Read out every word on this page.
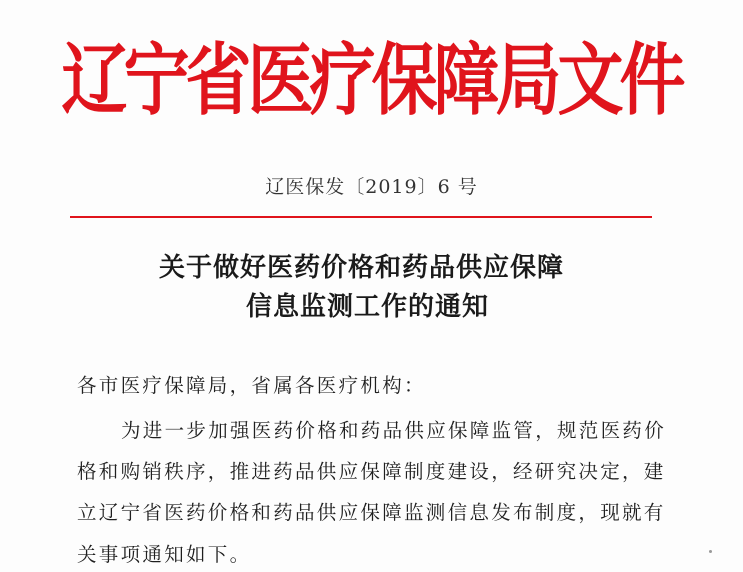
辽宁省医疗保障局文件
辽医保发〔2019〕6 号
关于做好医药价格和药品供应保障
信息监测工作的通知
各市医疗保障局，省属各医疗机构：
为进一步加强医药价格和药品供应保障监管，规范医药价
格和购销秩序，推进药品供应保障制度建设，经研究决定，建
立辽宁省医药价格和药品供应保障监测信息发布制度，现就有
关事项通知如下。
